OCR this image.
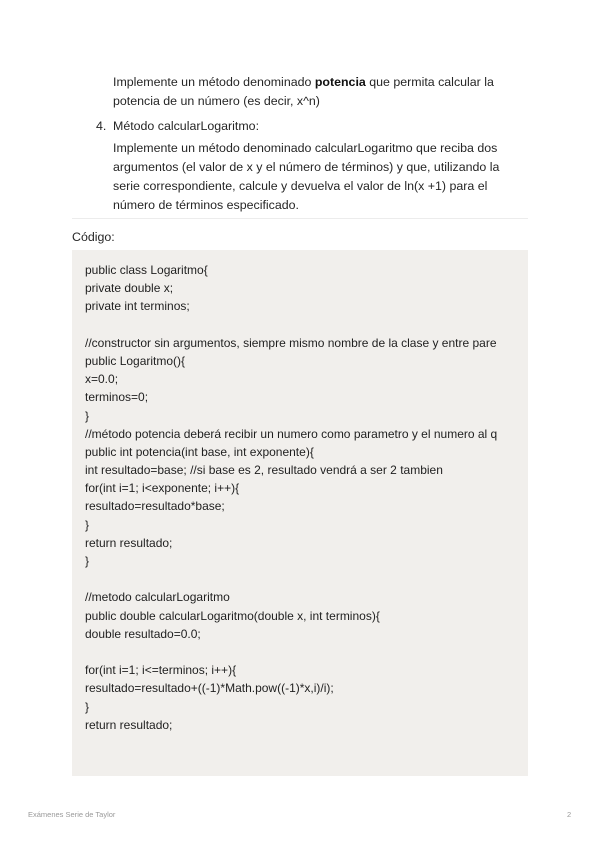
Implemente un método denominado potencia que permita calcular la
potencia de un número (es decir, x^n)
4. Método calcularLogaritmo:
Implemente un método denominado calcularLogaritmo que reciba dos
argumentos (el valor de x y el número de términos) y que, utilizando la
serie correspondiente, calcule y devuelva el valor de ln(x +1) para el
número de términos especificado.
Código:
public class Logaritmo{
private double x;
private int terminos;
//constructor sin argumentos, siempre mismo nombre de la clase y entre pare
public Logaritmo(){
x=0.0;
terminos=0;
}
//método potencia deberá recibir un numero como parametro y el numero al q
public int potencia(int base, int exponente){
int resultado=base; //si base es 2, resultado vendrá a ser 2 tambien
for(int i=1; i<exponente; i++){
resultado=resultado*base;
}
return resultado;
}
//metodo calcularLogaritmo
public double calcularLogaritmo(double x, int terminos){
double resultado=0.0;
for(int i=1; i<=terminos; i++){
resultado=resultado+((-1)*Math.pow((-1)*x,i)/i);
}
return resultado;
Exámenes Serie de Taylor	2
